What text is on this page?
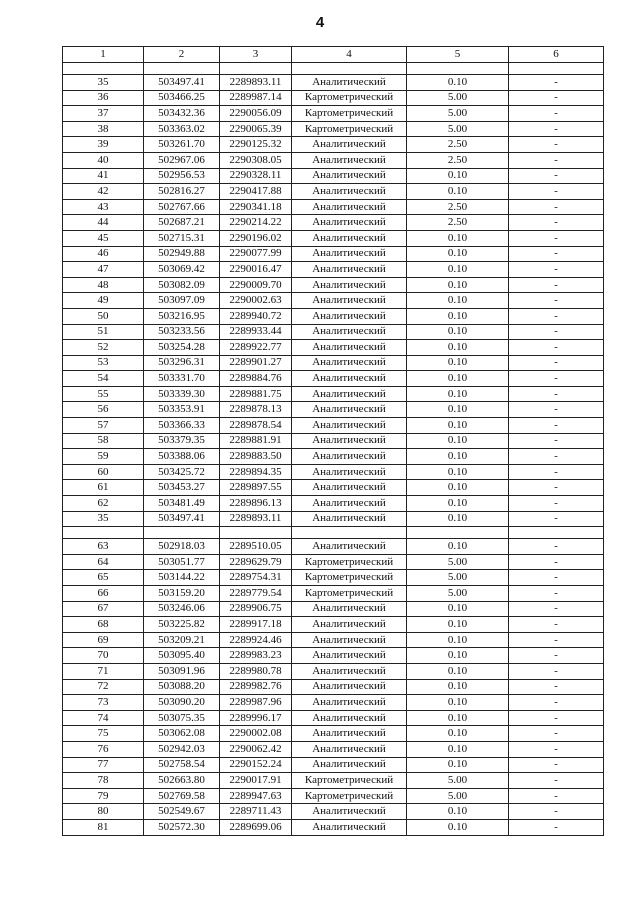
4
1	2	3	4	5	6

35	503497.41	2289893.11	Аналитический	0.10	-
36	503466.25	2289987.14	Картометрический	5.00	-
37	503432.36	2290056.09	Картометрический	5.00	-
38	503363.02	2290065.39	Картометрический	5.00	-
39	503261.70	2290125.32	Аналитический	2.50	-
40	502967.06	2290308.05	Аналитический	2.50	-
41	502956.53	2290328.11	Аналитический	0.10	-
42	502816.27	2290417.88	Аналитический	0.10	-
43	502767.66	2290341.18	Аналитический	2.50	-
44	502687.21	2290214.22	Аналитический	2.50	-
45	502715.31	2290196.02	Аналитический	0.10	-
46	502949.88	2290077.99	Аналитический	0.10	-
47	503069.42	2290016.47	Аналитический	0.10	-
48	503082.09	2290009.70	Аналитический	0.10	-
49	503097.09	2290002.63	Аналитический	0.10	-
50	503216.95	2289940.72	Аналитический	0.10	-
51	503233.56	2289933.44	Аналитический	0.10	-
52	503254.28	2289922.77	Аналитический	0.10	-
53	503296.31	2289901.27	Аналитический	0.10	-
54	503331.70	2289884.76	Аналитический	0.10	-
55	503339.30	2289881.75	Аналитический	0.10	-
56	503353.91	2289878.13	Аналитический	0.10	-
57	503366.33	2289878.54	Аналитический	0.10	-
58	503379.35	2289881.91	Аналитический	0.10	-
59	503388.06	2289883.50	Аналитический	0.10	-
60	503425.72	2289894.35	Аналитический	0.10	-
61	503453.27	2289897.55	Аналитический	0.10	-
62	503481.49	2289896.13	Аналитический	0.10	-
35	503497.41	2289893.11	Аналитический	0.10	-

63	502918.03	2289510.05	Аналитический	0.10	-
64	503051.77	2289629.79	Картометрический	5.00	-
65	503144.22	2289754.31	Картометрический	5.00	-
66	503159.20	2289779.54	Картометрический	5.00	-
67	503246.06	2289906.75	Аналитический	0.10	-
68	503225.82	2289917.18	Аналитический	0.10	-
69	503209.21	2289924.46	Аналитический	0.10	-
70	503095.40	2289983.23	Аналитический	0.10	-
71	503091.96	2289980.78	Аналитический	0.10	-
72	503088.20	2289982.76	Аналитический	0.10	-
73	503090.20	2289987.96	Аналитический	0.10	-
74	503075.35	2289996.17	Аналитический	0.10	-
75	503062.08	2290002.08	Аналитический	0.10	-
76	502942.03	2290062.42	Аналитический	0.10	-
77	502758.54	2290152.24	Аналитический	0.10	-
78	502663.80	2290017.91	Картометрический	5.00	-
79	502769.58	2289947.63	Картометрический	5.00	-
80	502549.67	2289711.43	Аналитический	0.10	-
81	502572.30	2289699.06	Аналитический	0.10	-
